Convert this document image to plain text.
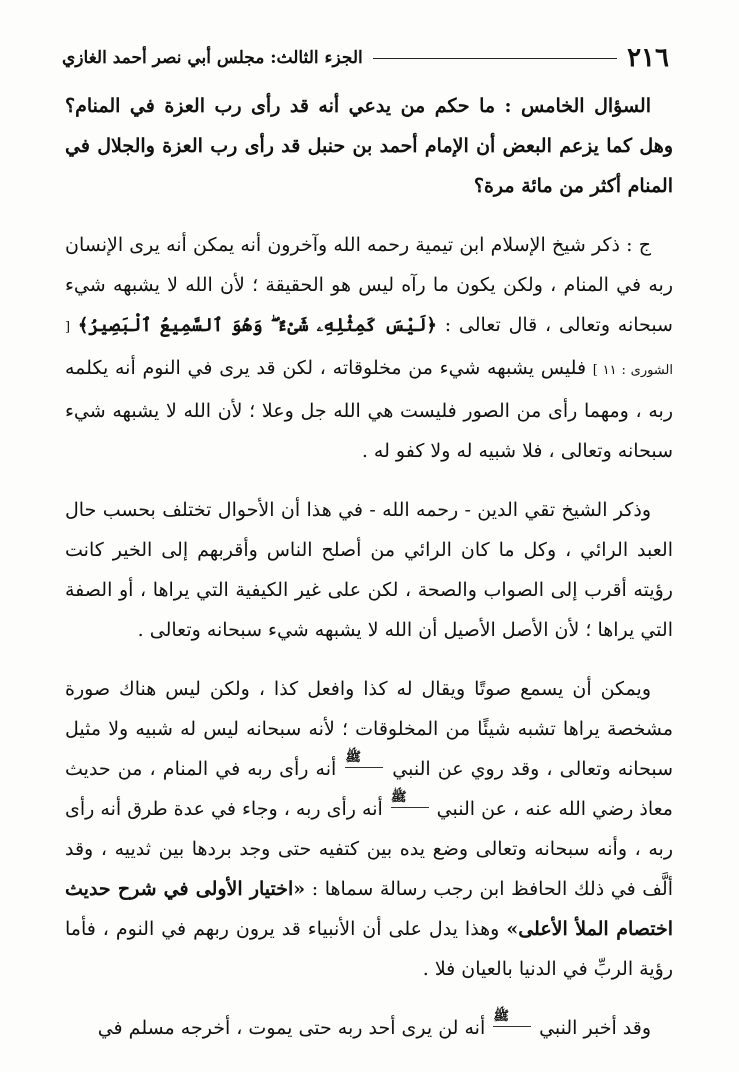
٢١٦
الجزء الثالث: مجلس أبي نصر أحمد الغازي

السؤال الخامس : ما حكم من يدعي أنه قد رأى رب العزة في المنام؟ وهل كما يزعم البعض أن الإمام أحمد بن حنبل قد رأى رب العزة والجلال في المنام أكثر من مائة مرة؟

ج : ذكر شيخ الإسلام ابن تيمية رحمه الله وآخرون أنه يمكن أنه يرى الإنسان ربه في المنام ، ولكن يكون ما رآه ليس هو الحقيقة ؛ لأن الله لا يشبهه شيء سبحانه وتعالى ، قال تعالى : ﴿لَيْسَ كَمِثْلِهِۦ شَىْءٌ ۖ وَهُوَ ٱلسَّمِيعُ ٱلْبَصِيرُ﴾ [ الشورى : ١١ ] فليس يشبهه شيء من مخلوقاته ، لكن قد يرى في النوم أنه يكلمه ربه ، ومهما رأى من الصور فليست هي الله جل وعلا ؛ لأن الله لا يشبهه شيء سبحانه وتعالى ، فلا شبيه له ولا كفو له .

وذكر الشيخ تقي الدين - رحمه الله - في هذا أن الأحوال تختلف بحسب حال العبد الرائي ، وكل ما كان الرائي من أصلح الناس وأقربهم إلى الخير كانت رؤيته أقرب إلى الصواب والصحة ، لكن على غير الكيفية التي يراها ، أو الصفة التي يراها ؛ لأن الأصل الأصيل أن الله لا يشبهه شيء سبحانه وتعالى .

ويمكن أن يسمع صوتًا ويقال له كذا وافعل كذا ، ولكن ليس هناك صورة مشخصة يراها تشبه شيئًا من المخلوقات ؛ لأنه سبحانه ليس له شبيه ولا مثيل سبحانه وتعالى ، وقد روي عن النبي ﷺ أنه رأى ربه في المنام ، من حديث معاذ رضي الله عنه ، عن النبي ﷺ أنه رأى ربه ، وجاء في عدة طرق أنه رأى ربه ، وأنه سبحانه وتعالى وضع يده بين كتفيه حتى وجد بردها بين ثدييه ، وقد ألَّف في ذلك الحافظ ابن رجب رسالة سماها : «اختيار الأولى في شرح حديث اختصام الملأ الأعلى» وهذا يدل على أن الأنبياء قد يرون ربهم في النوم ، فأما رؤية الربِّ في الدنيا بالعيان فلا .

وقد أخبر النبي ﷺ أنه لن يرى أحد ربه حتى يموت ، أخرجه مسلم في
